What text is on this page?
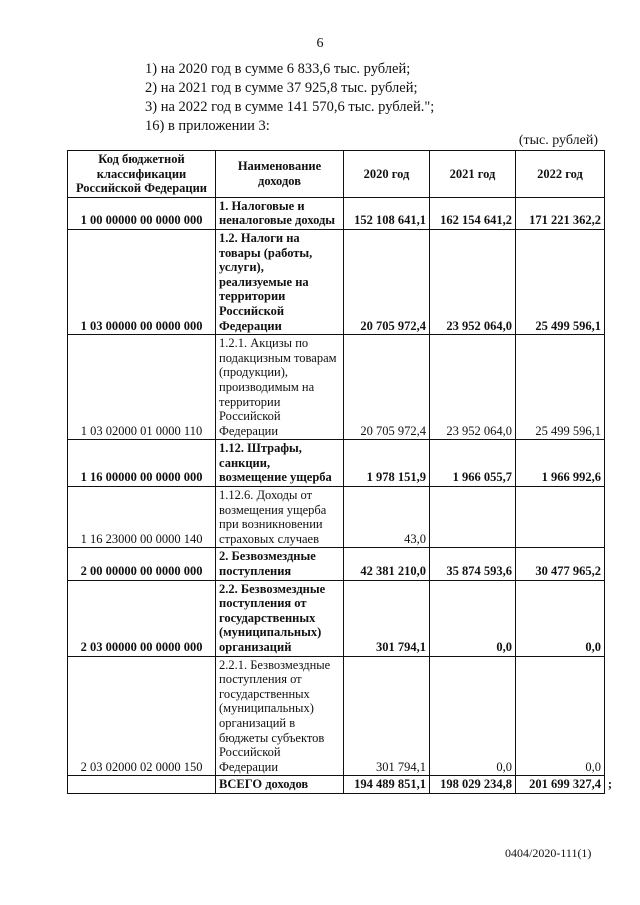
6
1) на 2020 год в сумме 6 833,6 тыс. рублей;
2) на 2021 год в сумме 37 925,8 тыс. рублей;
3) на 2022 год в сумме 141 570,6 тыс. рублей.";
16) в приложении 3:
(тыс. рублей)
Код бюджетной классификации Российской Федерации	Наименование доходов	2020 год	2021 год	2022 год
1 00 00000 00 0000 000	1. Налоговые и неналоговые доходы	152 108 641,1	162 154 641,2	171 221 362,2
1 03 00000 00 0000 000	1.2. Налоги на товары (работы, услуги), реализуемые на территории Российской Федерации	20 705 972,4	23 952 064,0	25 499 596,1
1 03 02000 01 0000 110	1.2.1. Акцизы по подакцизным товарам (продукции), производимым на территории Российской Федерации	20 705 972,4	23 952 064,0	25 499 596,1
1 16 00000 00 0000 000	1.12. Штрафы, санкции, возмещение ущерба	1 978 151,9	1 966 055,7	1 966 992,6
1 16 23000 00 0000 140	1.12.6. Доходы от возмещения ущерба при возникновении страховых случаев	43,0		
2 00 00000 00 0000 000	2. Безвозмездные поступления	42 381 210,0	35 874 593,6	30 477 965,2
2 03 00000 00 0000 000	2.2. Безвозмездные поступления от государственных (муниципальных) организаций	301 794,1	0,0	0,0
2 03 02000 02 0000 150	2.2.1. Безвозмездные поступления от государственных (муниципальных) организаций в бюджеты субъектов Российской Федерации	301 794,1	0,0	0,0
	ВСЕГО доходов	194 489 851,1	198 029 234,8	201 699 327,4 ;
0404/2020-111(1)
